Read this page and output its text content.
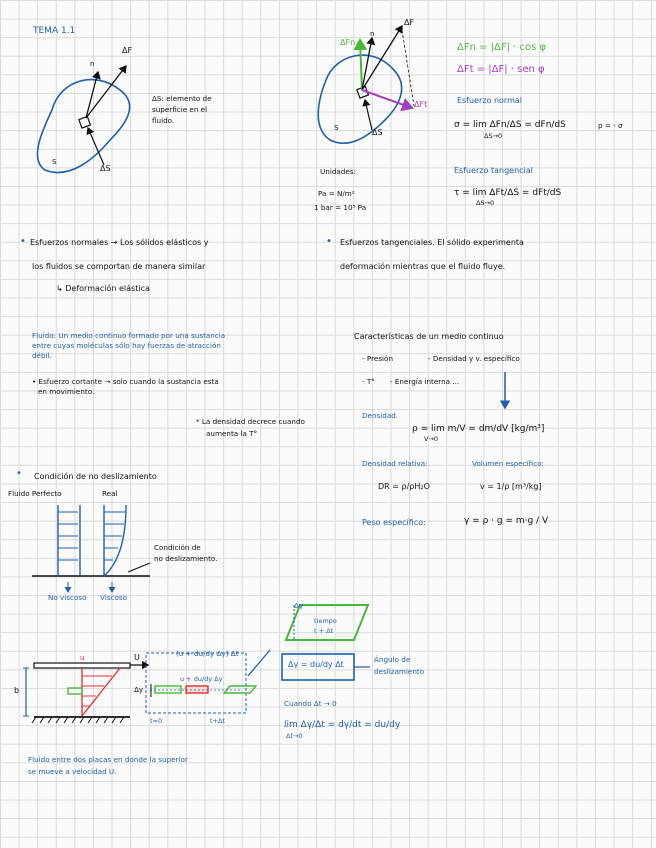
TEMA 1.1
ΔF
n
ΔS: elemento de
superficie en el
fluido.
S
ΔS
ΔFn
ΔF
n
ΔFt
S
ΔS
ΔFn = |ΔF| · cos φ
ΔFt = |ΔF| · sen φ
Esfuerzo normal
σ = lim ΔFn/ΔS = dFn/dS
ΔS→0
p = - σ
Esfuerzo tangencial
τ = lim ΔFt/ΔS = dFt/dS
ΔS→0
Unidades:
Pa = N/m²
1 bar = 10⁵ Pa
• Esfuerzos normales → Los sólidos elásticos y
los fluidos se comportan de manera similar
↳ Deformación elástica
• Esfuerzos tangenciales. El sólido experimenta
deformación mientras que el fluido fluye.
Fluido: Un medio continuo formado por una sustancia
entre cuyas moléculas sólo hay fuerzas de atracción
débil.
• Esfuerzo cortante → solo cuando la sustancia esta
en movimiento.
* La densidad decrece cuando
aumenta la T°
Características de un medio continuo
- Presión	- Densidad y v. específico
- T° - Energía interna ...
Densidad.
ρ = lim m/V = dm/dV [kg/m³]
V→0
Densidad relativa:
DR = ρ/ρH₂O
Volumen específico:
v = 1/ρ [m³/kg]
Peso específico:	γ = ρ · g = m·g / V
• Condición de no deslizamiento
Fluido Perfecto	Real
Condición de
no deslizamiento.
No viscoso Viscoso
u	U
b	Δy
t=0	t+Δt
(u + du/dy Δy) Δt
u + du/dy Δy
tiempo
t + Δt
Δγ
Δγ = du/dy Δt
Ángulo de
deslizamiento
Cuando Δt → 0
lim Δγ/Δt = dγ/dt = du/dy
Δt→0
Fluido entre dos placas en donde la superior
se mueve a velocidad U.
